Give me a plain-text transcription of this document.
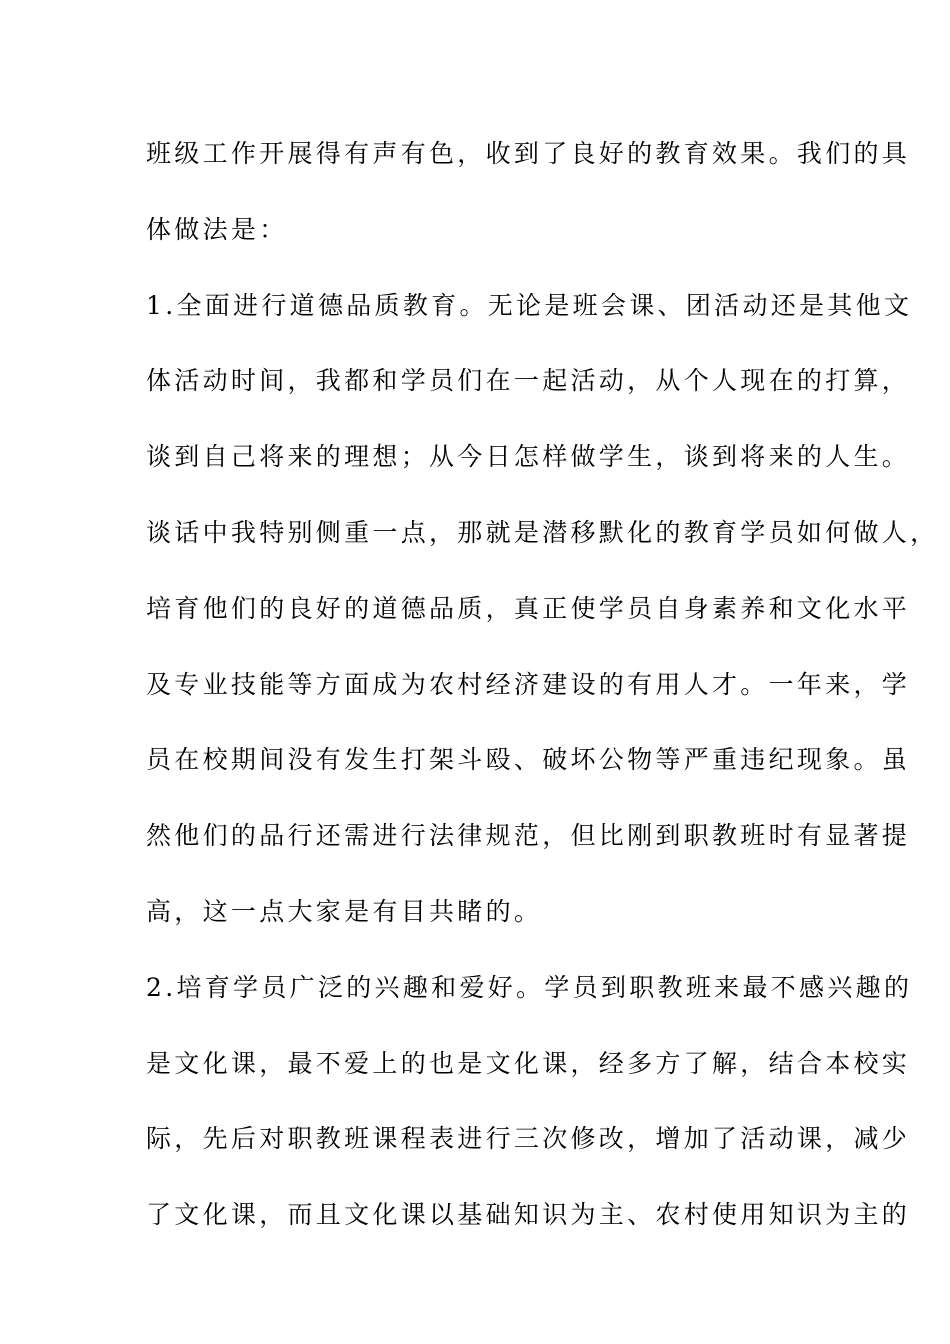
班级工作开展得有声有色，收到了良好的教育效果。我们的具
体做法是：
1.全面进行道德品质教育。无论是班会课、团活动还是其他文
体活动时间，我都和学员们在一起活动，从个人现在的打算，
谈到自己将来的理想；从今日怎样做学生，谈到将来的人生。
谈话中我特别侧重一点，那就是潜移默化的教育学员如何做人，
培育他们的良好的道德品质，真正使学员自身素养和文化水平
及专业技能等方面成为农村经济建设的有用人才。一年来，学
员在校期间没有发生打架斗殴、破坏公物等严重违纪现象。虽
然他们的品行还需进行法律规范，但比刚到职教班时有显著提
高，这一点大家是有目共睹的。
2.培育学员广泛的兴趣和爱好。学员到职教班来最不感兴趣的
是文化课，最不爱上的也是文化课，经多方了解，结合本校实
际，先后对职教班课程表进行三次修改，增加了活动课，减少
了文化课，而且文化课以基础知识为主、农村使用知识为主的
